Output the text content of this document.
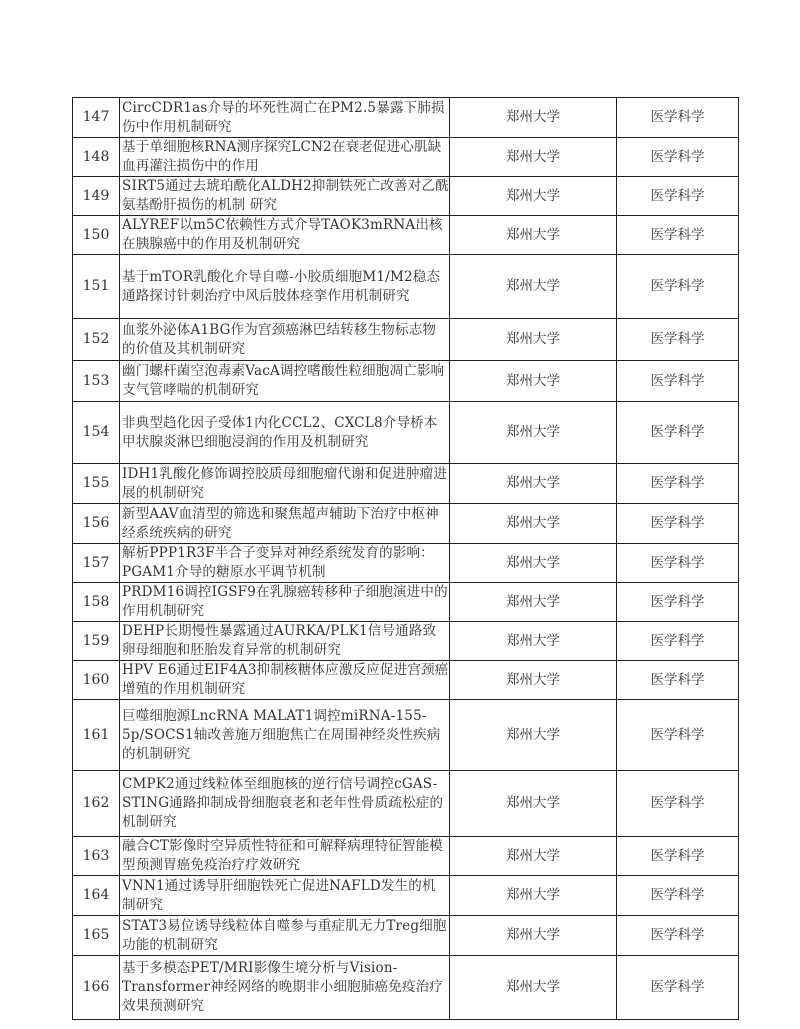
147	CircCDR1as介导的坏死性凋亡在PM2.5暴露下肺损伤中作用机制研究	郑州大学	医学科学
148	基于单细胞核RNA测序探究LCN2在衰老促进心肌缺血再灌注损伤中的作用	郑州大学	医学科学
149	SIRT5通过去琥珀酰化ALDH2抑制铁死亡改善对乙酰氨基酚肝损伤的机制 研究	郑州大学	医学科学
150	ALYREF以m5C依赖性方式介导TAOK3mRNA出核在胰腺癌中的作用及机制研究	郑州大学	医学科学
151	基于mTOR乳酸化介导自噬-小胶质细胞M1/M2稳态通路探讨针刺治疗中风后肢体痉挛作用机制研究	郑州大学	医学科学
152	血浆外泌体A1BG作为宫颈癌淋巴结转移生物标志物的价值及其机制研究	郑州大学	医学科学
153	幽门螺杆菌空泡毒素VacA调控嗜酸性粒细胞凋亡影响支气管哮喘的机制研究	郑州大学	医学科学
154	非典型趋化因子受体1内化CCL2、CXCL8介导桥本甲状腺炎淋巴细胞浸润的作用及机制研究	郑州大学	医学科学
155	IDH1乳酸化修饰调控胶质母细胞瘤代谢和促进肿瘤进展的机制研究	郑州大学	医学科学
156	新型AAV血清型的筛选和聚焦超声辅助下治疗中枢神经系统疾病的研究	郑州大学	医学科学
157	解析PPP1R3F半合子变异对神经系统发育的影响：PGAM1介导的糖原水平调节机制	郑州大学	医学科学
158	PRDM16调控IGSF9在乳腺癌转移种子细胞演进中的作用机制研究	郑州大学	医学科学
159	DEHP长期慢性暴露通过AURKA/PLK1信号通路致卵母细胞和胚胎发育异常的机制研究	郑州大学	医学科学
160	HPV E6通过EIF4A3抑制核糖体应激反应促进宫颈癌增殖的作用机制研究	郑州大学	医学科学
161	巨噬细胞源LncRNA MALAT1调控miRNA-155-5p/SOCS1轴改善施万细胞焦亡在周围神经炎性疾病的机制研究	郑州大学	医学科学
162	CMPK2通过线粒体至细胞核的逆行信号调控cGAS-STING通路抑制成骨细胞衰老和老年性骨质疏松症的机制研究	郑州大学	医学科学
163	融合CT影像时空异质性特征和可解释病理特征智能模型预测胃癌免疫治疗疗效研究	郑州大学	医学科学
164	VNN1通过诱导肝细胞铁死亡促进NAFLD发生的机制研究	郑州大学	医学科学
165	STAT3易位诱导线粒体自噬参与重症肌无力Treg细胞功能的机制研究	郑州大学	医学科学
166	基于多模态PET/MRI影像生境分析与Vision-Transformer神经网络的晚期非小细胞肺癌免疫治疗效果预测研究	郑州大学	医学科学
